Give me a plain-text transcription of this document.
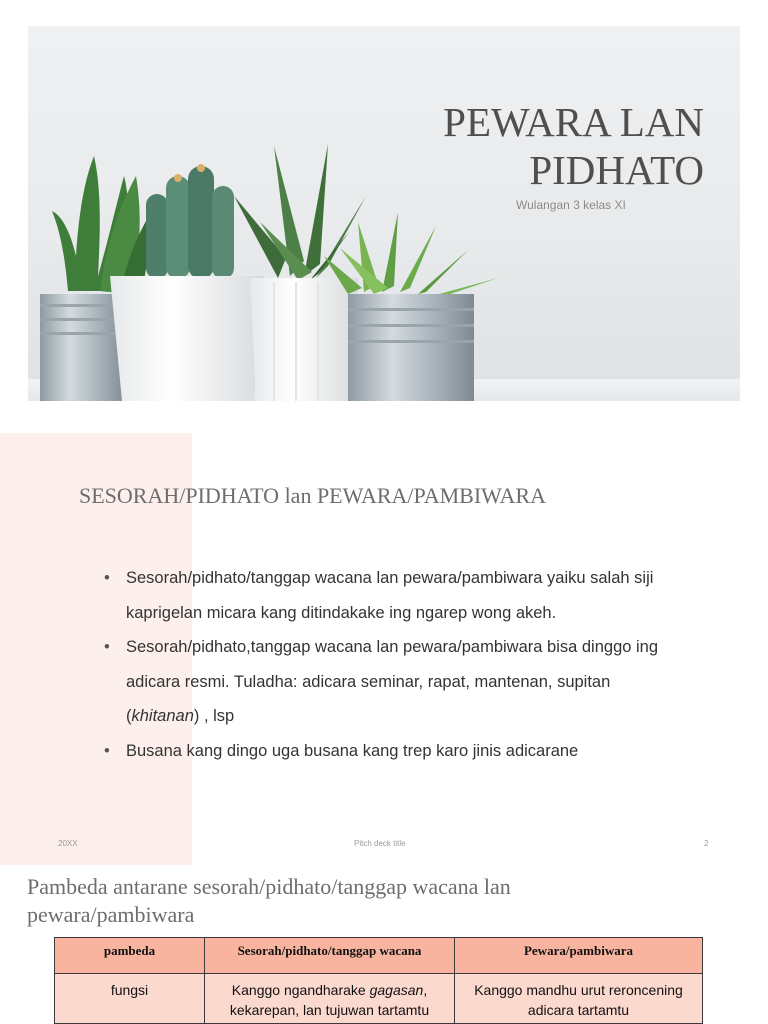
PEWARA LAN
PIDHATO

Wulangan 3 kelas XI

SESORAH/PIDHATO lan PEWARA/PAMBIWARA
• Sesorah/pidhato/tanggap wacana lan pewara/pambiwara yaiku salah siji kaprigelan micara kang ditindakake ing ngarep wong akeh.
• Sesorah/pidhato,tanggap wacana lan pewara/pambiwara bisa dinggo ing adicara resmi. Tuladha: adicara seminar, rapat, mantenan, supitan (khitanan) , lsp
• Busana kang dingo uga busana kang trep karo jinis adicarane

20XX	Pitch deck title	2

Pambeda antarane sesorah/pidhato/tanggap wacana lan pewara/pambiwara
pambeda	Sesorah/pidhato/tanggap wacana	Pewara/pambiwara
fungsi	Kanggo ngandharake gagasan, kekarepan, lan tujuwan tartamtu	Kanggo mandhu urut reroncening adicara tartamtu
